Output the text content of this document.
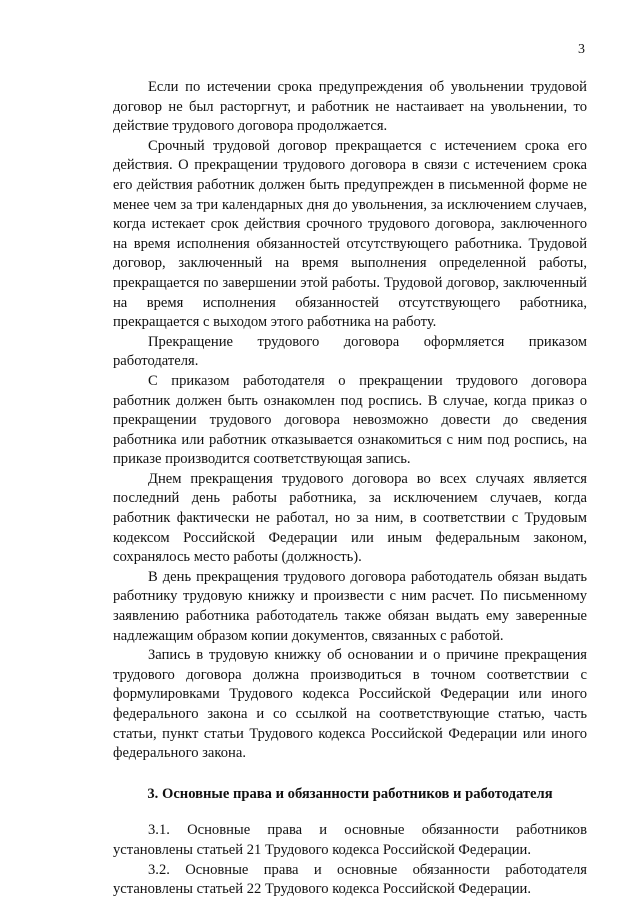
3

Если по истечении срока предупреждения об увольнении трудовой договор не был расторгнут, и работник не настаивает на увольнении, то действие трудового договора продолжается.

Срочный трудовой договор прекращается с истечением срока его действия. О прекращении трудового договора в связи с истечением срока его действия работник должен быть предупрежден в письменной форме не менее чем за три календарных дня до увольнения, за исключением случаев, когда истекает срок действия срочного трудового договора, заключенного на время исполнения обязанностей отсутствующего работника. Трудовой договор, заключенный на время выполнения определенной работы, прекращается по завершении этой работы. Трудовой договор, заключенный на время исполнения обязанностей отсутствующего работника, прекращается с выходом этого работника на работу.

Прекращение трудового договора оформляется приказом работодателя.

С приказом работодателя о прекращении трудового договора работник должен быть ознакомлен под роспись. В случае, когда приказ о прекращении трудового договора невозможно довести до сведения работника или работник отказывается ознакомиться с ним под роспись, на приказе производится соответствующая запись.

Днем прекращения трудового договора во всех случаях является последний день работы работника, за исключением случаев, когда работник фактически не работал, но за ним, в соответствии с Трудовым кодексом Российской Федерации или иным федеральным законом, сохранялось место работы (должность).

В день прекращения трудового договора работодатель обязан выдать работнику трудовую книжку и произвести с ним расчет. По письменному заявлению работника работодатель также обязан выдать ему заверенные надлежащим образом копии документов, связанных с работой.

Запись в трудовую книжку об основании и о причине прекращения трудового договора должна производиться в точном соответствии с формулировками Трудового кодекса Российской Федерации или иного федерального закона и со ссылкой на соответствующие статью, часть статьи, пункт статьи Трудового кодекса Российской Федерации или иного федерального закона.

3. Основные права и обязанности работников и работодателя

3.1. Основные права и основные обязанности работников установлены статьей 21 Трудового кодекса Российской Федерации.

3.2. Основные права и основные обязанности работодателя установлены статьей 22 Трудового кодекса Российской Федерации.
